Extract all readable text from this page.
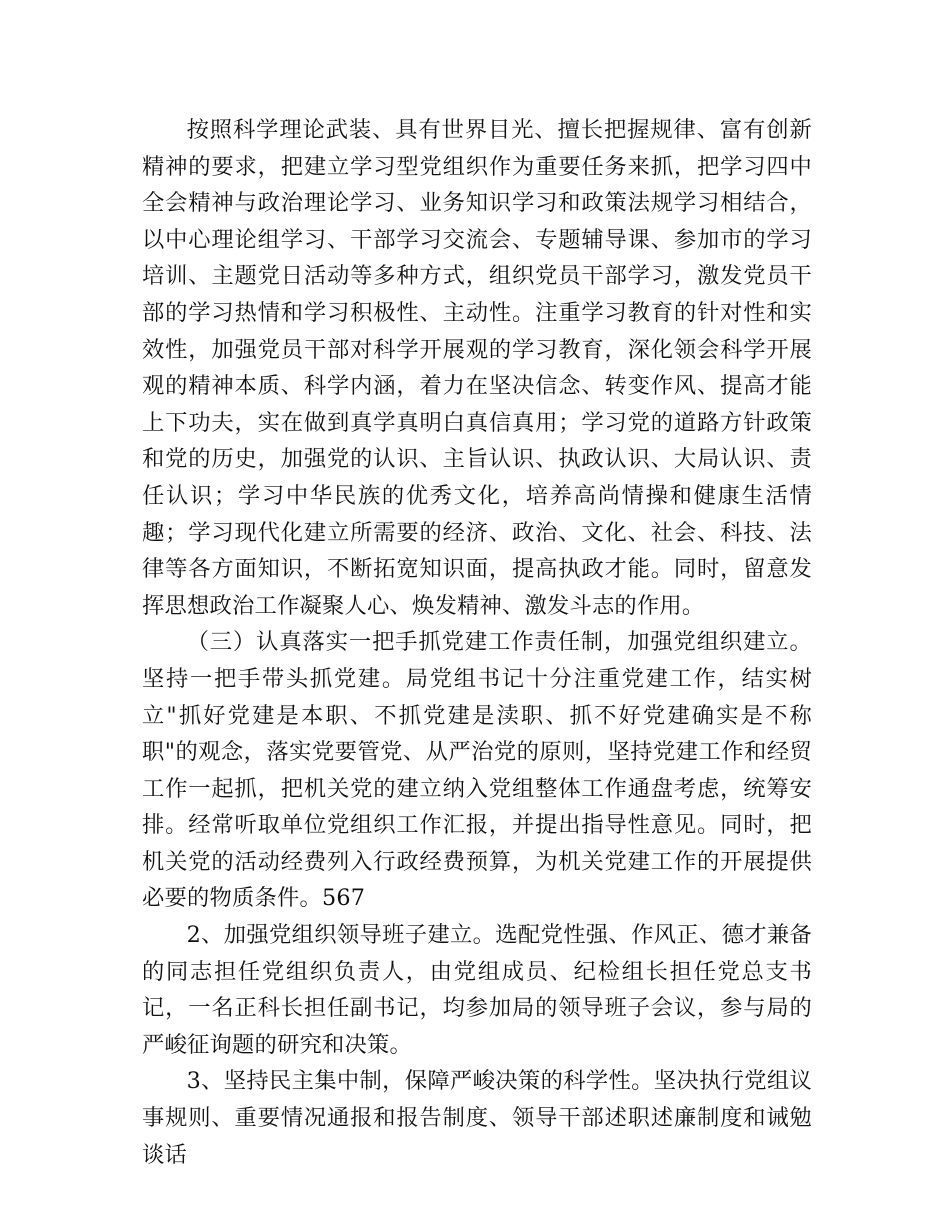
按照科学理论武装、具有世界目光、擅长把握规律、富有创新精神的要求，把建立学习型党组织作为重要任务来抓，把学习四中全会精神与政治理论学习、业务知识学习和政策法规学习相结合，以中心理论组学习、干部学习交流会、专题辅导课、参加市的学习培训、主题党日活动等多种方式，组织党员干部学习，激发党员干部的学习热情和学习积极性、主动性。注重学习教育的针对性和实效性，加强党员干部对科学开展观的学习教育，深化领会科学开展观的精神本质、科学内涵，着力在坚决信念、转变作风、提高才能上下功夫，实在做到真学真明白真信真用；学习党的道路方针政策和党的历史，加强党的认识、主旨认识、执政认识、大局认识、责任认识；学习中华民族的优秀文化，培养高尚情操和健康生活情趣；学习现代化建立所需要的经济、政治、文化、社会、科技、法律等各方面知识，不断拓宽知识面，提高执政才能。同时，留意发挥思想政治工作凝聚人心、焕发精神、激发斗志的作用。

（三）认真落实一把手抓党建工作责任制，加强党组织建立。坚持一把手带头抓党建。局党组书记十分注重党建工作，结实树立"抓好党建是本职、不抓党建是渎职、抓不好党建确实是不称职"的观念，落实党要管党、从严治党的原则，坚持党建工作和经贸工作一起抓，把机关党的建立纳入党组整体工作通盘考虑，统筹安排。经常听取单位党组织工作汇报，并提出指导性意见。同时，把机关党的活动经费列入行政经费预算，为机关党建工作的开展提供必要的物质条件。567

2、加强党组织领导班子建立。选配党性强、作风正、德才兼备的同志担任党组织负责人，由党组成员、纪检组长担任党总支书记，一名正科长担任副书记，均参加局的领导班子会议，参与局的严峻征询题的研究和决策。

3、坚持民主集中制，保障严峻决策的科学性。坚决执行党组议事规则、重要情况通报和报告制度、领导干部述职述廉制度和诫勉谈话
